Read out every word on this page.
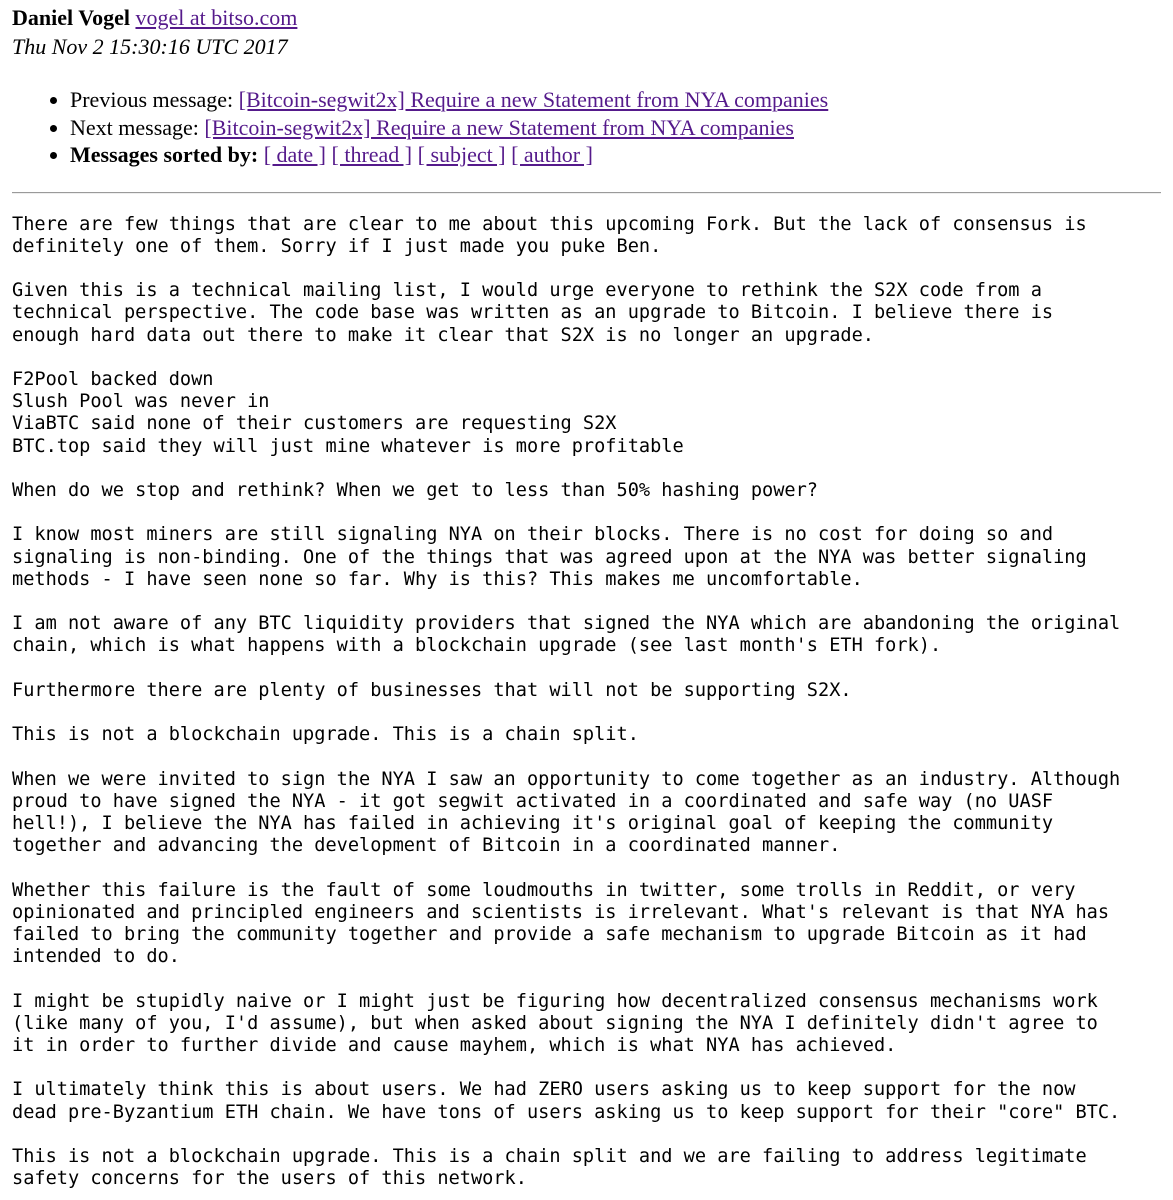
Daniel Vogel vogel at bitso.com
Thu Nov 2 15:30:16 UTC 2017
• Previous message: [Bitcoin-segwit2x] Require a new Statement from NYA companies
• Next message: [Bitcoin-segwit2x] Require a new Statement from NYA companies
• Messages sorted by: [ date ] [ thread ] [ subject ] [ author ]
There are few things that are clear to me about this upcoming Fork. But the lack of consensus is
definitely one of them. Sorry if I just made you puke Ben.

Given this is a technical mailing list, I would urge everyone to rethink the S2X code from a
technical perspective. The code base was written as an upgrade to Bitcoin. I believe there is
enough hard data out there to make it clear that S2X is no longer an upgrade.

F2Pool backed down
Slush Pool was never in
ViaBTC said none of their customers are requesting S2X
BTC.top said they will just mine whatever is more profitable

When do we stop and rethink? When we get to less than 50% hashing power?

I know most miners are still signaling NYA on their blocks. There is no cost for doing so and
signaling is non-binding. One of the things that was agreed upon at the NYA was better signaling
methods - I have seen none so far. Why is this? This makes me uncomfortable.

I am not aware of any BTC liquidity providers that signed the NYA which are abandoning the original
chain, which is what happens with a blockchain upgrade (see last month's ETH fork).

Furthermore there are plenty of businesses that will not be supporting S2X.

This is not a blockchain upgrade. This is a chain split.

When we were invited to sign the NYA I saw an opportunity to come together as an industry. Although
proud to have signed the NYA - it got segwit activated in a coordinated and safe way (no UASF
hell!), I believe the NYA has failed in achieving it's original goal of keeping the community
together and advancing the development of Bitcoin in a coordinated manner.

Whether this failure is the fault of some loudmouths in twitter, some trolls in Reddit, or very
opinionated and principled engineers and scientists is irrelevant. What's relevant is that NYA has
failed to bring the community together and provide a safe mechanism to upgrade Bitcoin as it had
intended to do.

I might be stupidly naive or I might just be figuring how decentralized consensus mechanisms work
(like many of you, I'd assume), but when asked about signing the NYA I definitely didn't agree to
it in order to further divide and cause mayhem, which is what NYA has achieved.

I ultimately think this is about users. We had ZERO users asking us to keep support for the now
dead pre-Byzantium ETH chain. We have tons of users asking us to keep support for their "core" BTC.

This is not a blockchain upgrade. This is a chain split and we are failing to address legitimate
safety concerns for the users of this network.
